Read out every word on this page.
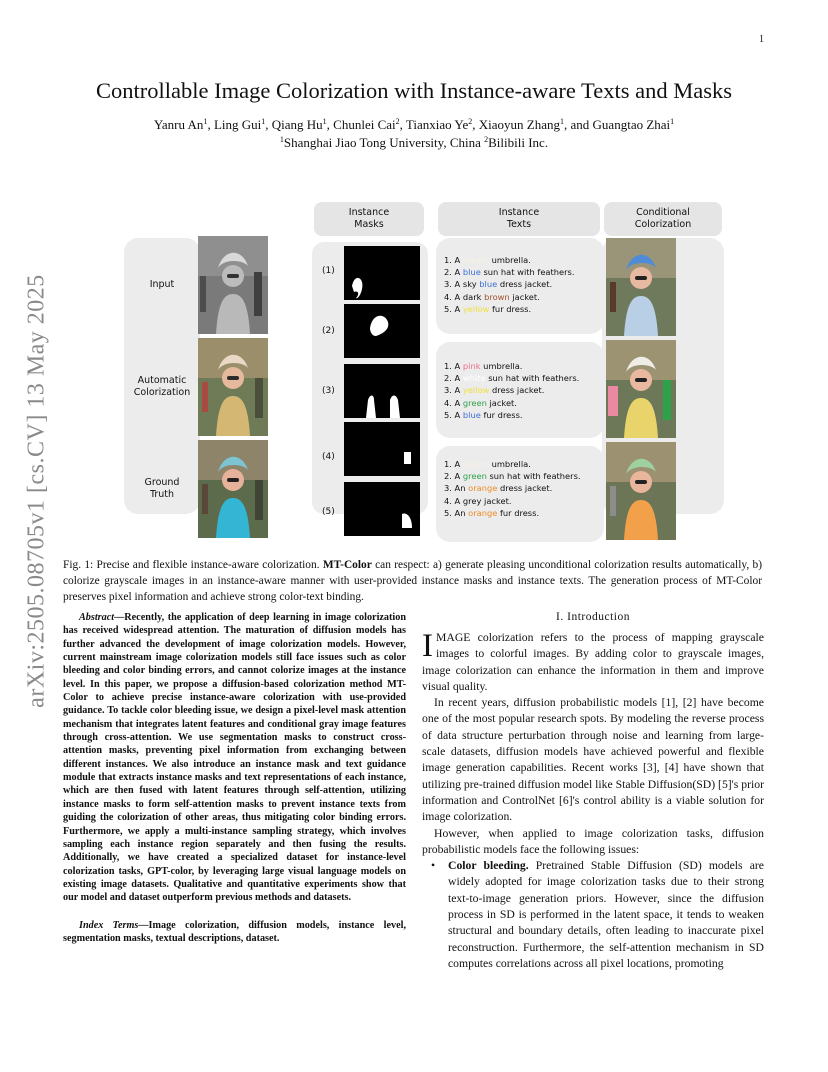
1
arXiv:2505.08705v1 [cs.CV] 13 May 2025
Controllable Image Colorization with Instance-aware Texts and Masks
Yanru An$^1$, Ling Gui$^1$, Qiang Hu$^1$, Chunlei Cai$^2$, Tianxiao Ye$^2$, Xiaoyun Zhang$^1$, and Guangtao Zhai$^1$
$^1$Shanghai Jiao Tong University, China $^2$Bilibili Inc.
Input
Automatic Colorization
Ground Truth
Instance Masks
Instance Texts
Conditional Colorization
(1)
(2)
(3)
(4)
(5)
1. A cream umbrella.
2. A blue sun hat with feathers.
3. A sky blue dress jacket.
4. A dark brown jacket.
5. A yellow fur dress.
1. A pink umbrella.
2. A white sun hat with feathers.
3. A yellow dress jacket.
4. A green jacket.
5. A blue fur dress.
1. A cream umbrella.
2. A green sun hat with feathers.
3. An orange dress jacket.
4. A grey jacket.
5. An orange fur dress.
Fig. 1: Precise and flexible instance-aware colorization. MT-Color can respect: a) generate pleasing unconditional colorization results automatically, b) colorize grayscale images in an instance-aware manner with user-provided instance masks and instance texts. The generation process of MT-Color preserves pixel information and achieve strong color-text binding.

Abstract—Recently, the application of deep learning in image colorization has received widespread attention. The maturation of diffusion models has further advanced the development of image colorization models. However, current mainstream image colorization models still face issues such as color bleeding and color binding errors, and cannot colorize images at the instance level. In this paper, we propose a diffusion-based colorization method MT-Color to achieve precise instance-aware colorization with use-provided guidance. To tackle color bleeding issue, we design a pixel-level mask attention mechanism that integrates latent features and conditional gray image features through cross-attention. We use segmentation masks to construct cross-attention masks, preventing pixel information from exchanging between different instances. We also introduce an instance mask and text guidance module that extracts instance masks and text representations of each instance, which are then fused with latent features through self-attention, utilizing instance masks to form self-attention masks to prevent instance texts from guiding the colorization of other areas, thus mitigating color binding errors. Furthermore, we apply a multi-instance sampling strategy, which involves sampling each instance region separately and then fusing the results. Additionally, we have created a specialized dataset for instance-level colorization tasks, GPT-color, by leveraging large visual language models on existing image datasets. Qualitative and quantitative experiments show that our model and dataset outperform previous methods and datasets.

Index Terms—Image colorization, diffusion models, instance level, segmentation masks, textual descriptions, dataset.
I. Introduction

IMAGE colorization refers to the process of mapping grayscale images to colorful images. By adding color to grayscale images, image colorization can enhance the information in them and improve visual quality.

In recent years, diffusion probabilistic models [1], [2] have become one of the most popular research spots. By modeling the reverse process of data structure perturbation through noise and learning from large-scale datasets, diffusion models have achieved powerful and flexible image generation capabilities. Recent works [3], [4] have shown that utilizing pre-trained diffusion model like Stable Diffusion(SD) [5]'s prior information and ControlNet [6]'s control ability is a viable solution for image colorization.

However, when applied to image colorization tasks, diffusion probabilistic models face the following issues:

• Color bleeding. Pretrained Stable Diffusion (SD) models are widely adopted for image colorization tasks due to their strong text-to-image generation priors. However, since the diffusion process in SD is performed in the latent space, it tends to weaken structural and boundary details, often leading to inaccurate pixel reconstruction. Furthermore, the self-attention mechanism in SD computes correlations across all pixel locations, promoting
